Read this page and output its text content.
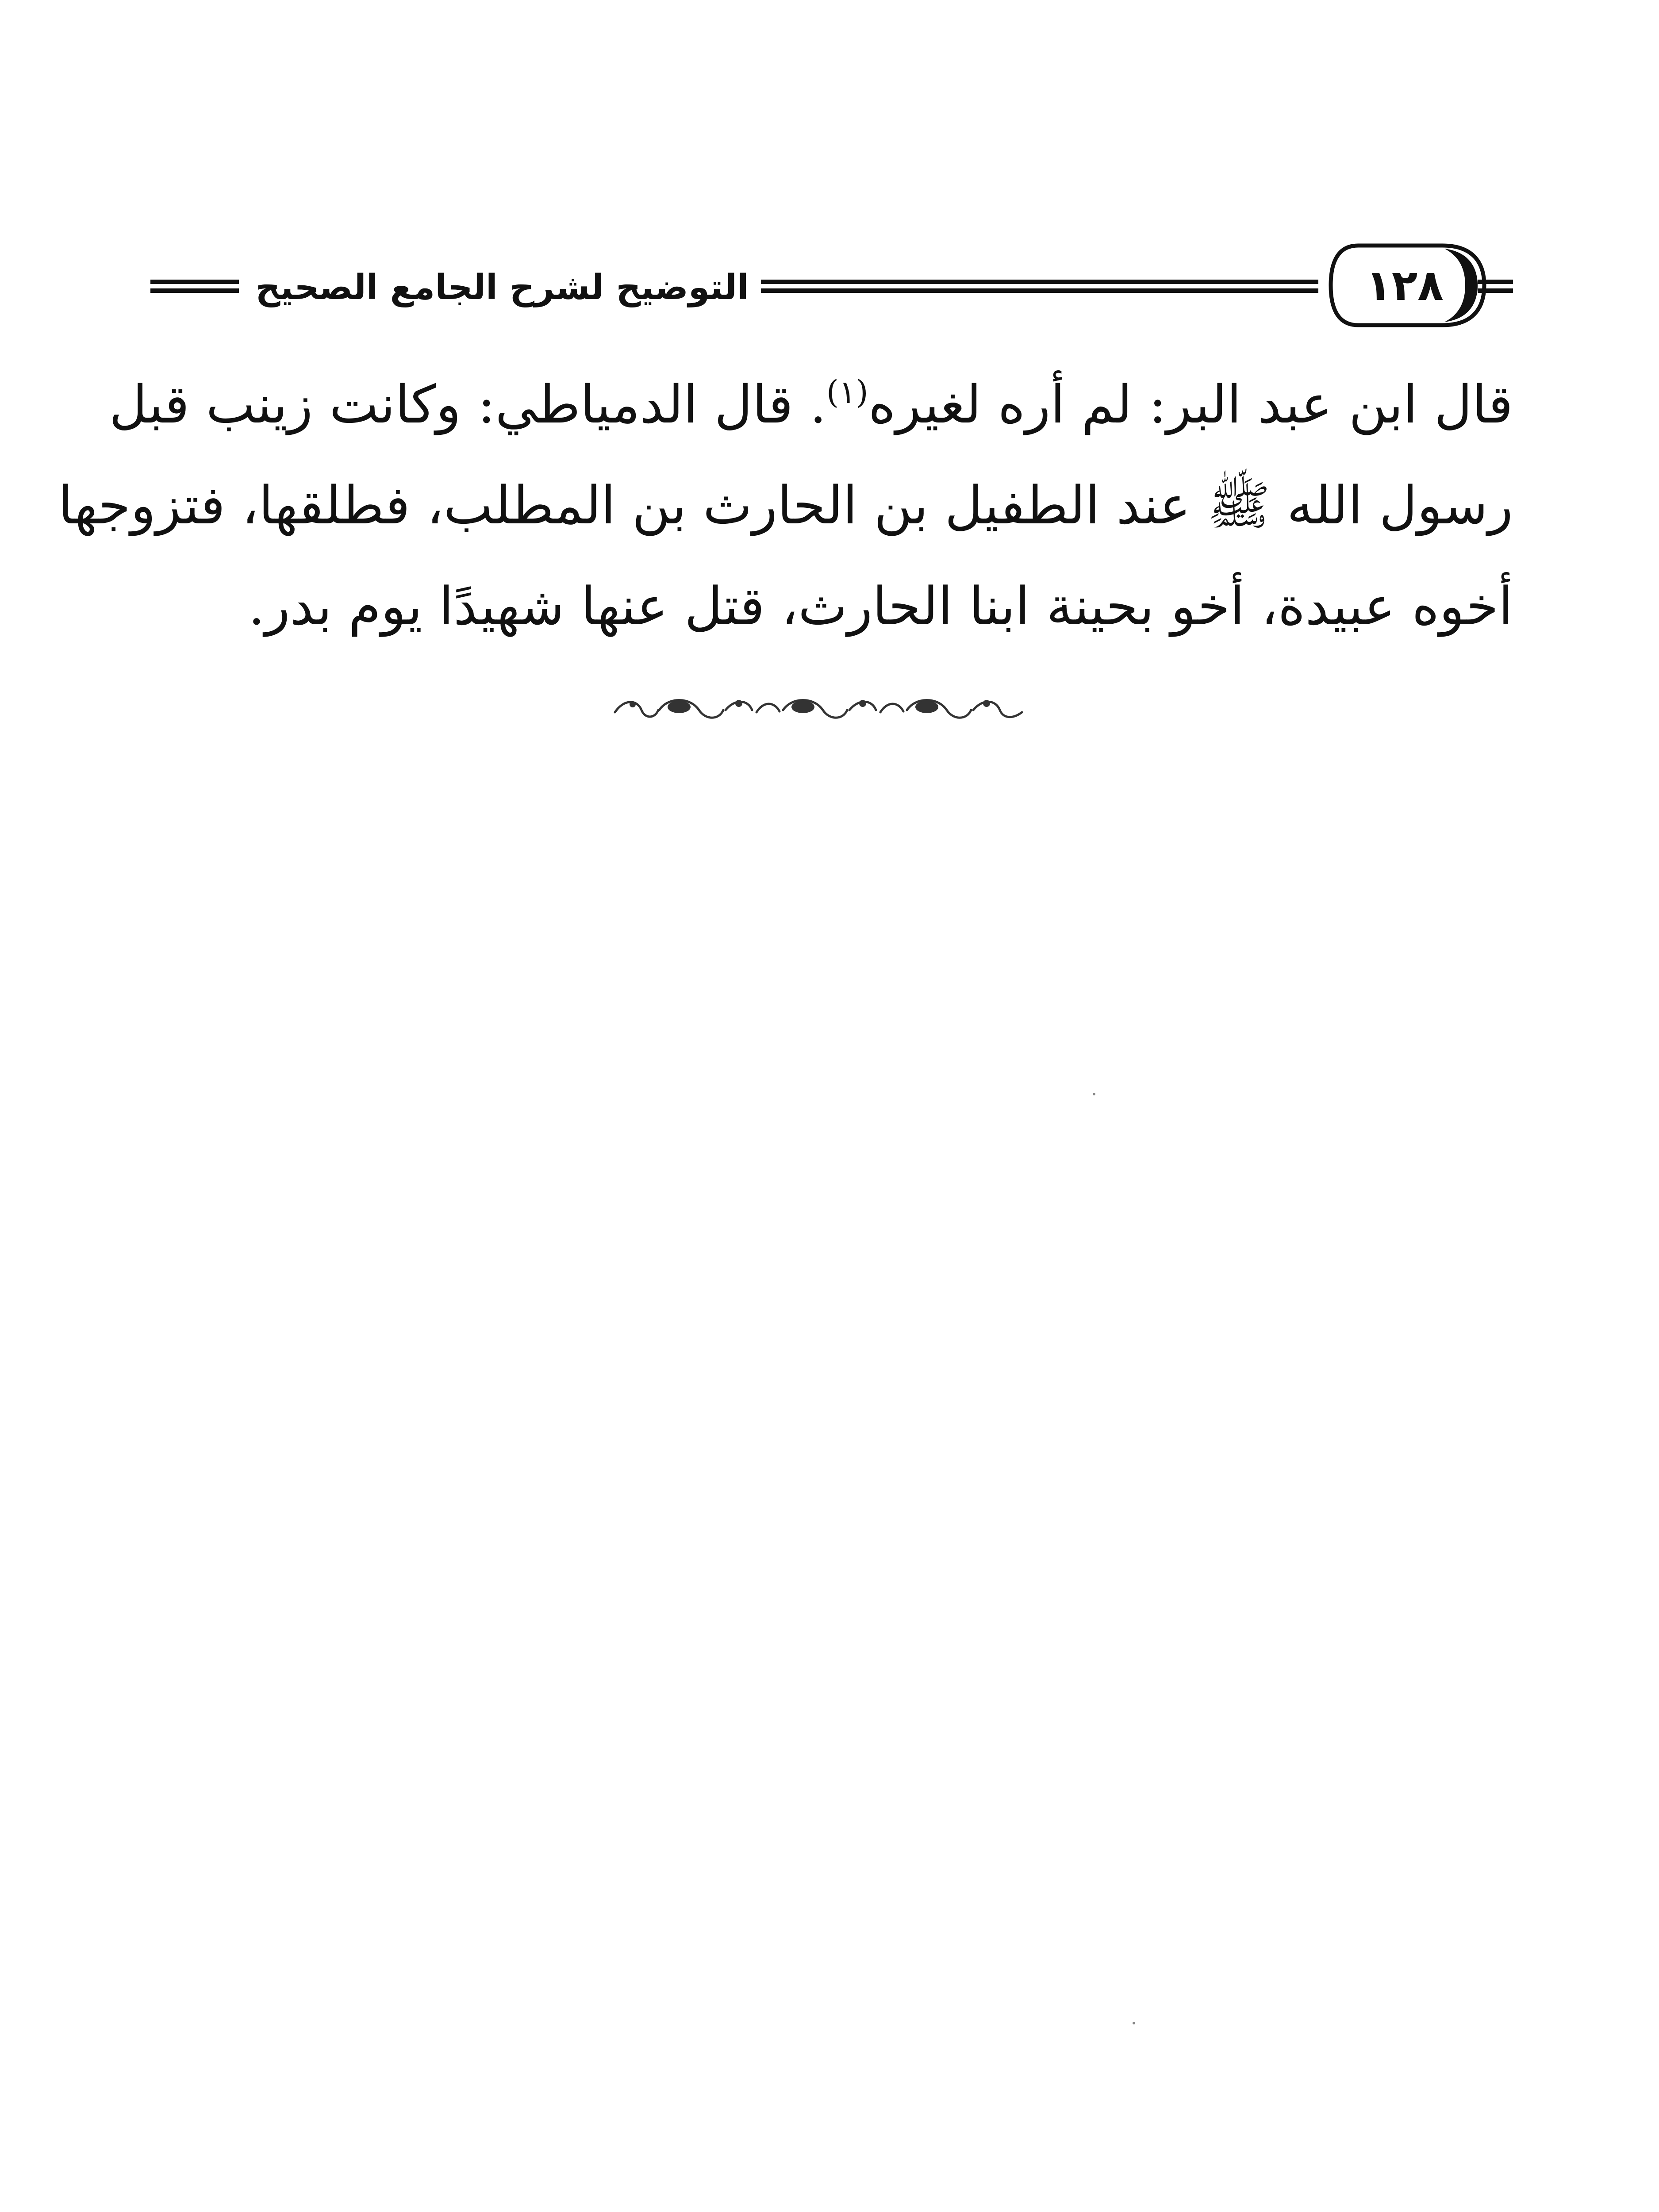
التوضيح لشرح الجامع الصحيح	١٢٨
قال ابن عبد البر: لم أره لغيره$^{(١)}$. قال الدمياطي: وكانت زينب قبل
رسول الله ﷺ عند الطفيل بن الحارث بن المطلب، فطلقها، فتزوجها
أخوه عبيدة، أخو بحينة ابنا الحارث، قتل عنها شهيدًا يوم بدر.
